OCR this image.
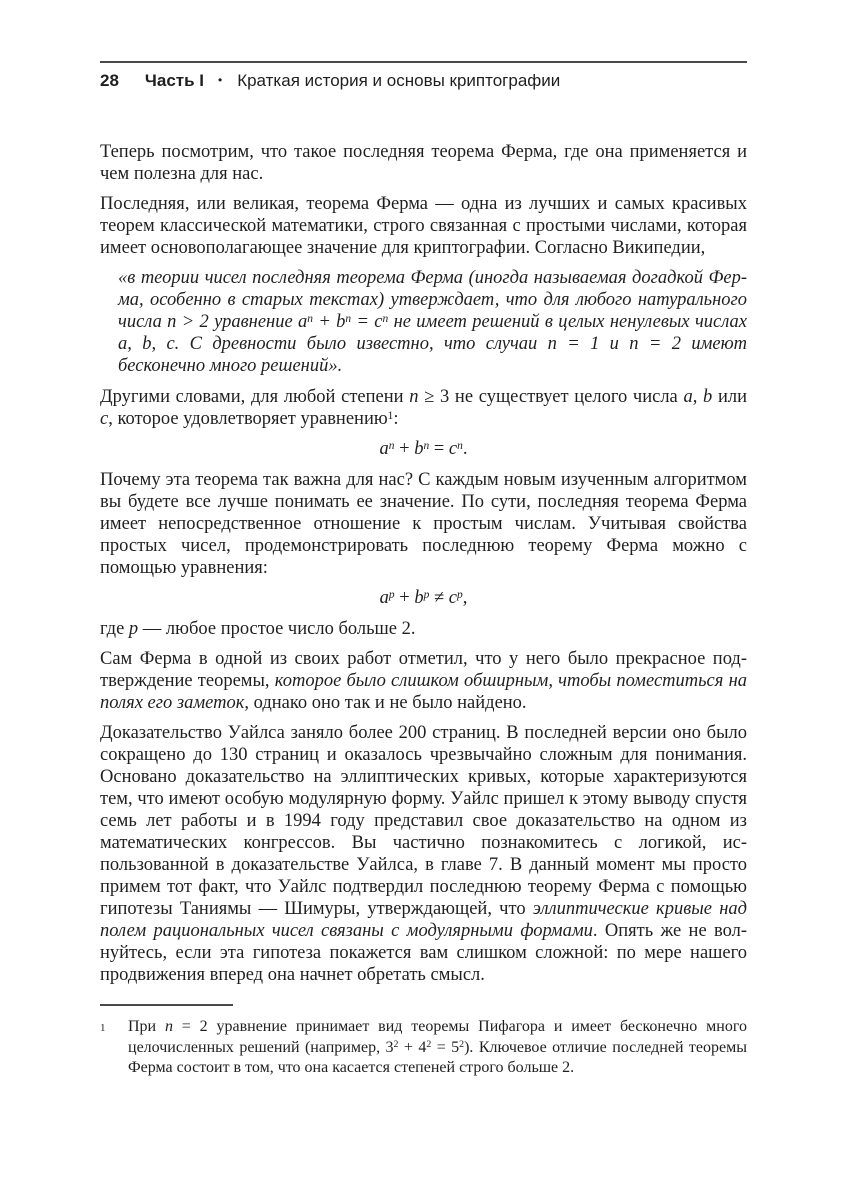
28 Часть I • Краткая история и основы криптографии

Теперь посмотрим, что такое последняя теорема Ферма, где она применяется и чем полезна для нас.

Последняя, или великая, теорема Ферма — одна из лучших и самых красивых теорем классической математики, строго связанная с простыми числами, которая имеет основополагающее значение для криптографии. Согласно Википедии,

«в теории чисел последняя теорема Ферма (иногда называемая догадкой Ферма, особенно в старых текстах) утверждает, что для любого натурального числа n > 2 уравнение $a^n + b^n = c^n$ не имеет решений в целых ненулевых числах a, b, c. С древности было известно, что случаи n = 1 и n = 2 имеют бесконечно много решений».

Другими словами, для любой степени n ≥ 3 не существует целого числа a, b или c, которое удовлетворяет уравнению$^1$:

$a^n + b^n = c^n$.

Почему эта теорема так важна для нас? С каждым новым изученным алгоритмом вы будете все лучше понимать ее значение. По сути, последняя теорема Ферма имеет непосредственное отношение к простым числам. Учитывая свойства простых чисел, продемонстрировать последнюю теорему Ферма можно с помощью уравнения:

$a^p + b^p \ne c^p$,

где p — любое простое число больше 2.

Сам Ферма в одной из своих работ отметил, что у него было прекрасное подтверждение теоремы, которое было слишком обширным, чтобы поместиться на полях его заметок, однако оно так и не было найдено.

Доказательство Уайлса заняло более 200 страниц. В последней версии оно было сокращено до 130 страниц и оказалось чрезвычайно сложным для понимания. Основано доказательство на эллиптических кривых, которые характеризуются тем, что имеют особую модулярную форму. Уайлс пришел к этому выводу спустя семь лет работы и в 1994 году представил свое доказательство на одном из математических конгрессов. Вы частично познакомитесь с логикой, использованной в доказательстве Уайлса, в главе 7. В данный момент мы просто примем тот факт, что Уайлс подтвердил последнюю теорему Ферма с помощью гипотезы Таниямы — Шимуры, утверждающей, что эллиптические кривые над полем рациональных чисел связаны с модулярными формами. Опять же не волнуйтесь, если эта гипотеза покажется вам слишком сложной: по мере нашего продвижения вперед она начнет обретать смысл.

1	При n = 2 уравнение принимает вид теоремы Пифагора и имеет бесконечно много целочисленных решений (например, $3^2 + 4^2 = 5^2$). Ключевое отличие последней теоремы Ферма состоит в том, что она касается степеней строго больше 2.
